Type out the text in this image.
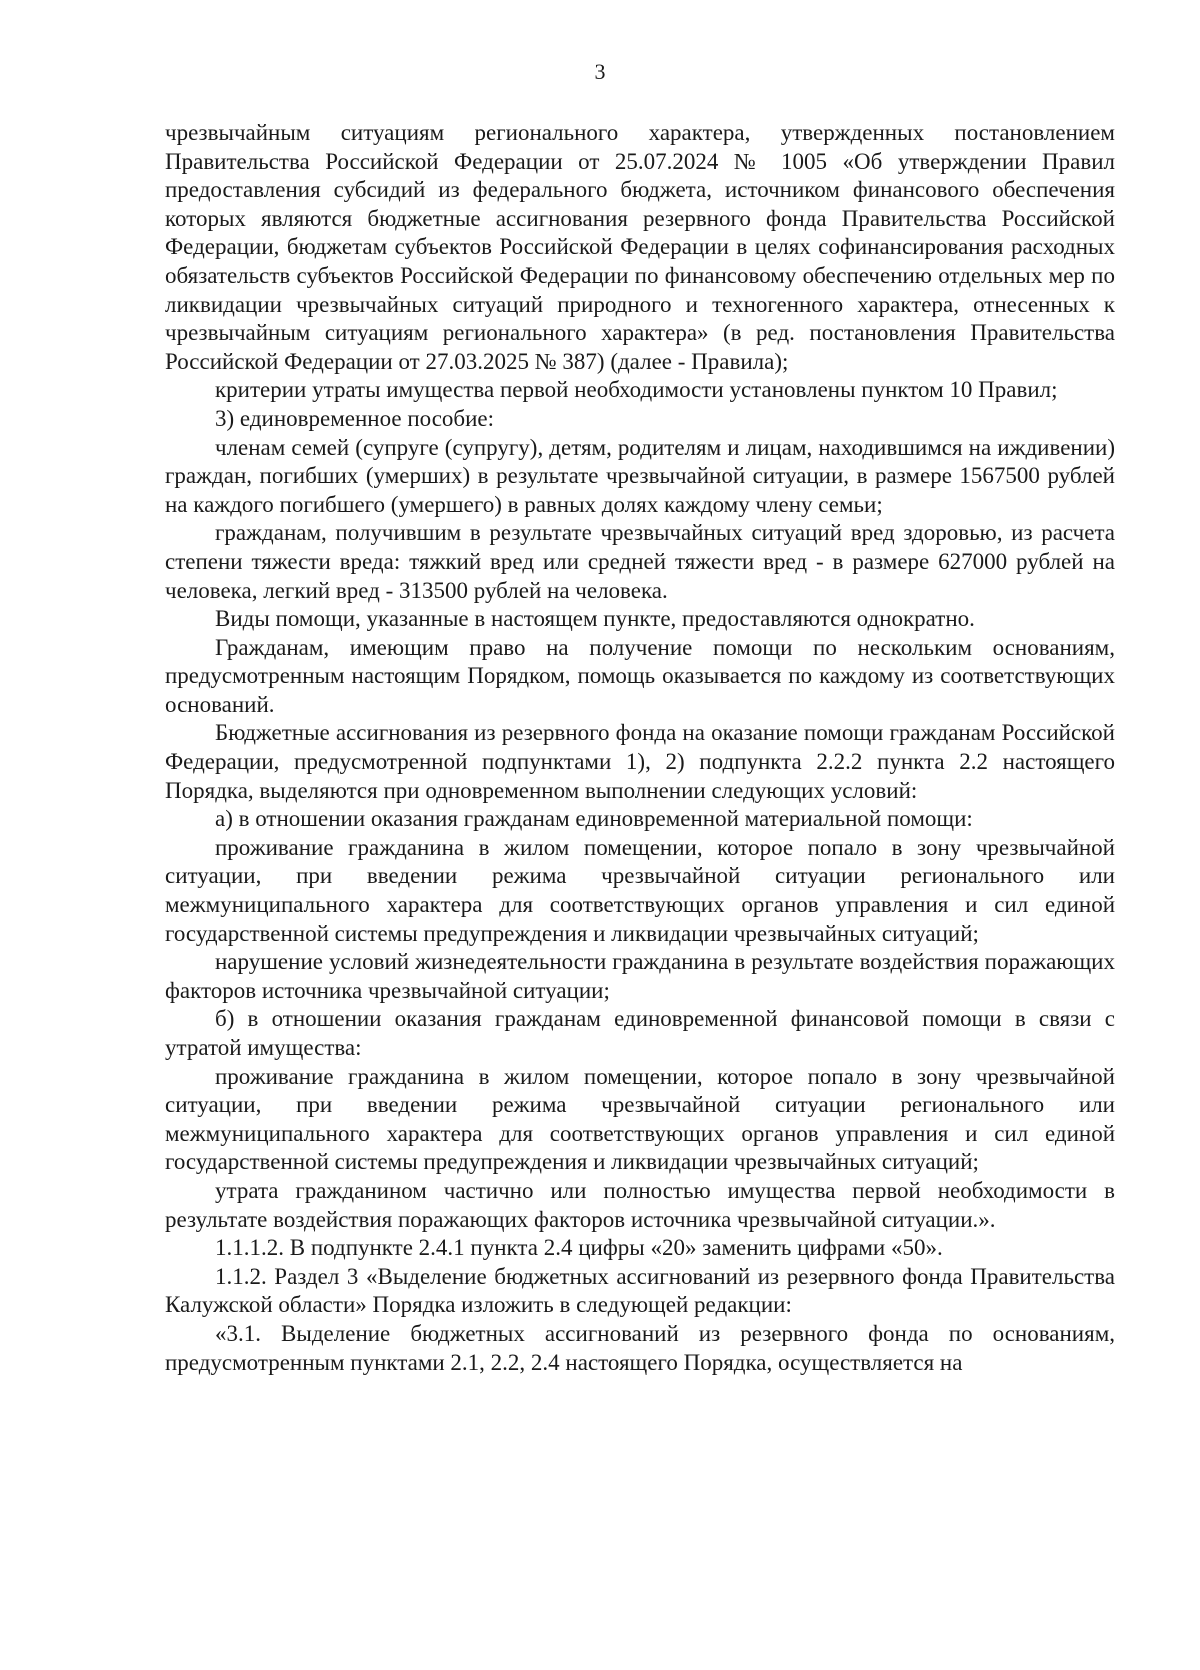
3

чрезвычайным ситуациям регионального характера, утвержденных постановлением Правительства Российской Федерации от 25.07.2024 № 1005 «Об утверждении Правил предоставления субсидий из федерального бюджета, источником финансового обеспечения которых являются бюджетные ассигнования резервного фонда Правительства Российской Федерации, бюджетам субъектов Российской Федерации в целях софинансирования расходных обязательств субъектов Российской Федерации по финансовому обеспечению отдельных мер по ликвидации чрезвычайных ситуаций природного и техногенного характера, отнесенных к чрезвычайным ситуациям регионального характера» (в ред. постановления Правительства Российской Федерации от 27.03.2025 № 387) (далее - Правила);

критерии утраты имущества первой необходимости установлены пунктом 10 Правил;

3) единовременное пособие:

членам семей (супруге (супругу), детям, родителям и лицам, находившимся на иждивении) граждан, погибших (умерших) в результате чрезвычайной ситуации, в размере 1567500 рублей на каждого погибшего (умершего) в равных долях каждому члену семьи;

гражданам, получившим в результате чрезвычайных ситуаций вред здоровью, из расчета степени тяжести вреда: тяжкий вред или средней тяжести вред - в размере 627000 рублей на человека, легкий вред - 313500 рублей на человека.

Виды помощи, указанные в настоящем пункте, предоставляются однократно.

Гражданам, имеющим право на получение помощи по нескольким основаниям, предусмотренным настоящим Порядком, помощь оказывается по каждому из соответствующих оснований.

Бюджетные ассигнования из резервного фонда на оказание помощи гражданам Российской Федерации, предусмотренной подпунктами 1), 2) подпункта 2.2.2 пункта 2.2 настоящего Порядка, выделяются при одновременном выполнении следующих условий:

а) в отношении оказания гражданам единовременной материальной помощи:

проживание гражданина в жилом помещении, которое попало в зону чрезвычайной ситуации, при введении режима чрезвычайной ситуации регионального или межмуниципального характера для соответствующих органов управления и сил единой государственной системы предупреждения и ликвидации чрезвычайных ситуаций;

нарушение условий жизнедеятельности гражданина в результате воздействия поражающих факторов источника чрезвычайной ситуации;

б) в отношении оказания гражданам единовременной финансовой помощи в связи с утратой имущества:

проживание гражданина в жилом помещении, которое попало в зону чрезвычайной ситуации, при введении режима чрезвычайной ситуации регионального или межмуниципального характера для соответствующих органов управления и сил единой государственной системы предупреждения и ликвидации чрезвычайных ситуаций;

утрата гражданином частично или полностью имущества первой необходимости в результате воздействия поражающих факторов источника чрезвычайной ситуации.».

1.1.1.2. В подпункте 2.4.1 пункта 2.4 цифры «20» заменить цифрами «50».

1.1.2. Раздел 3 «Выделение бюджетных ассигнований из резервного фонда Правительства Калужской области» Порядка изложить в следующей редакции:

«3.1. Выделение бюджетных ассигнований из резервного фонда по основаниям, предусмотренным пунктами 2.1, 2.2, 2.4 настоящего Порядка, осуществляется на
